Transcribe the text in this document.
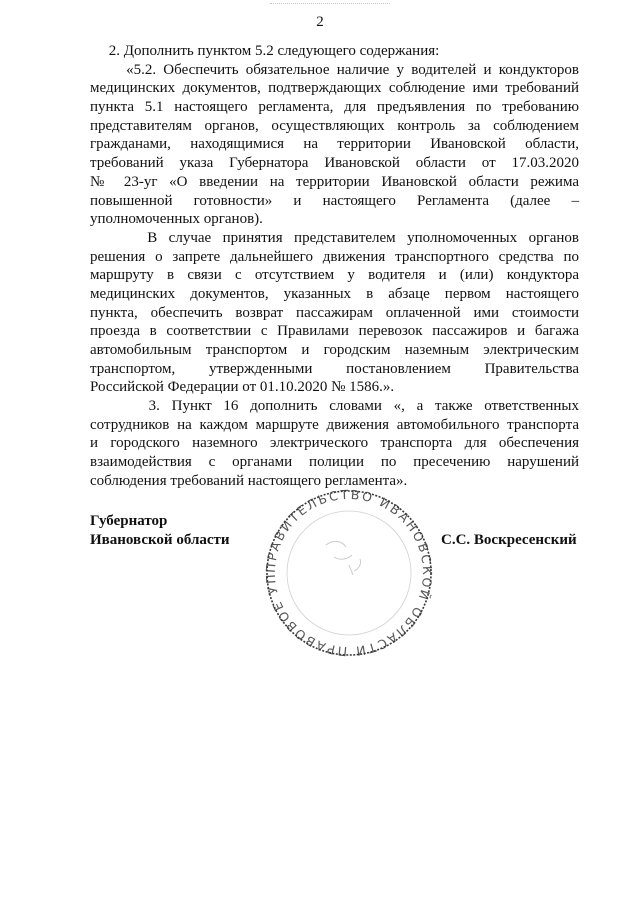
2
2. Дополнить пунктом 5.2 следующего содержания:
«5.2. Обеспечить обязательное наличие у водителей и кондукторов
медицинских документов, подтверждающих соблюдение ими требований
пункта 5.1 настоящего регламента, для предъявления по требованию
представителям органов, осуществляющих контроль за соблюдением
гражданами, находящимися на территории Ивановской области,
требований указа Губернатора Ивановской области от 17.03.2020
№ 23-уг «О введении на территории Ивановской области режима
повышенной готовности» и настоящего Регламента (далее –
уполномоченных органов).
В случае принятия представителем уполномоченных органов
решения о запрете дальнейшего движения транспортного средства по
маршруту в связи с отсутствием у водителя и (или) кондуктора
медицинских документов, указанных в абзаце первом настоящего
пункта, обеспечить возврат пассажирам оплаченной ими стоимости
проезда в соответствии с Правилами перевозок пассажиров и багажа
автомобильным транспортом и городским наземным электрическим
транспортом, утвержденными постановлением Правительства
Российской Федерации от 01.10.2020 № 1586.».
3. Пункт 16 дополнить словами «, а также ответственных
сотрудников на каждом маршруте движения автомобильного транспорта
и городского наземного электрического транспорта для обеспечения
взаимодействия с органами полиции по пресечению нарушений
соблюдения требований настоящего регламента».
Губернатор
Ивановской области
ПРАВИТЕЛЬСТВО ИВАНОВСКОЙ ОБЛАСТИ ПРАВОВОЕ УП
С.С. Воскресенский
